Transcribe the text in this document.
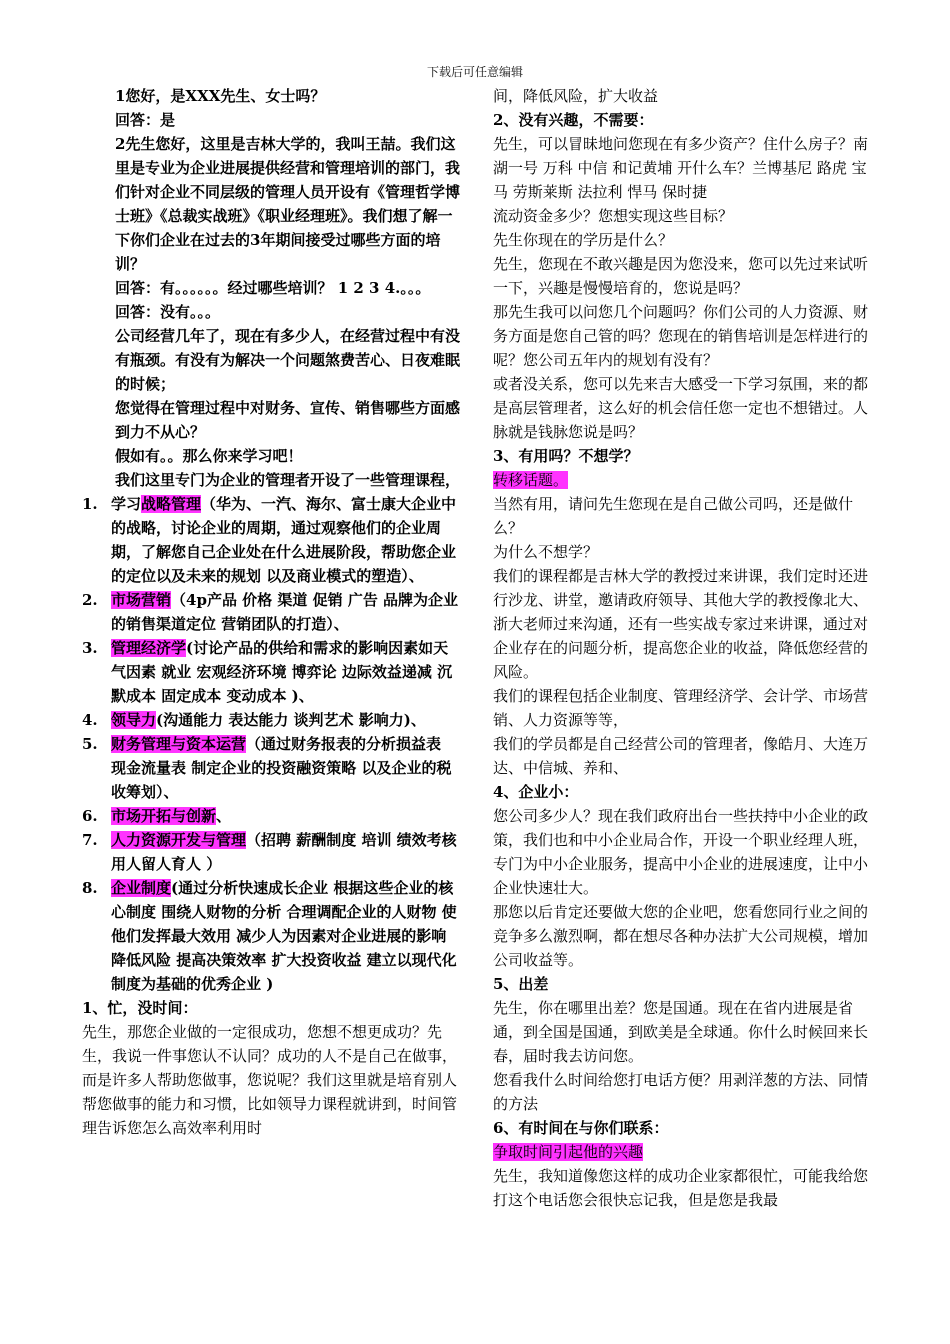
下载后可任意编辑

1您好，是XXX先生、女士吗？

回答：是

2先生您好，这里是吉林大学的，我叫王喆。我们这里是专业为企业进展提供经营和管理培训的部门，我们针对企业不同层级的管理人员开设有《管理哲学博士班》《总裁实战班》《职业经理班》。我们想了解一下你们企业在过去的3年期间接受过哪些方面的培训？

回答：有。。。。。。经过哪些培训？ 1 2 3 4.。。。

回答：没有。。。

公司经营几年了，现在有多少人，在经营过程中有没有瓶颈。有没有为解决一个问题煞费苦心、日夜难眠的时候；

您觉得在管理过程中对财务、宣传、销售哪些方面感到力不从心？

假如有。。那么你来学习吧！

我们这里专门为企业的管理者开设了一些管理课程，

1. 学习战略管理（华为、一汽、海尔、富士康大企业中的战略，讨论企业的周期，通过观察他们的企业周期，了解您自己企业处在什么进展阶段，帮助您企业的定位以及未来的规划 以及商业模式的塑造）、
2. 市场营销（4p产品 价格 渠道 促销 广告 品牌为企业的销售渠道定位 营销团队的打造）、
3. 管理经济学(讨论产品的供给和需求的影响因素如天气因素 就业 宏观经济环境 博弈论 边际效益递减 沉默成本 固定成本 变动成本 )、
4. 领导力(沟通能力 表达能力 谈判艺术 影响力)、
5. 财务管理与资本运营（通过财务报表的分析损益表 现金流量表 制定企业的投资融资策略 以及企业的税收筹划）、
6. 市场开拓与创新、
7. 人力资源开发与管理（招聘 薪酬制度 培训 绩效考核 用人留人育人 ）
8. 企业制度(通过分析快速成长企业 根据这些企业的核心制度 围绕人财物的分析 合理调配企业的人财物 使他们发挥最大效用 减少人为因素对企业进展的影响 降低风险 提高决策效率 扩大投资收益 建立以现代化制度为基础的优秀企业 )

1、忙，没时间：

先生，那您企业做的一定很成功，您想不想更成功？先生，我说一件事您认不认同？成功的人不是自己在做事，而是许多人帮助您做事，您说呢？我们这里就是培育别人帮您做事的能力和习惯，比如领导力课程就讲到，时间管理告诉您怎么高效率利用时

间，降低风险，扩大收益

2、没有兴趣，不需要：

先生，可以冒昧地问您现在有多少资产？住什么房子？南湖一号 万科 中信 和记黄埔 开什么车？兰博基尼 路虎 宝马 劳斯莱斯 法拉利 悍马 保时捷

流动资金多少？您想实现这些目标？

先生你现在的学历是什么？

先生，您现在不敢兴趣是因为您没来，您可以先过来试听一下，兴趣是慢慢培育的，您说是吗？

那先生我可以问您几个问题吗？你们公司的人力资源、财务方面是您自己管的吗？您现在的销售培训是怎样进行的呢？您公司五年内的规划有没有？

或者没关系，您可以先来吉大感受一下学习氛围，来的都是高层管理者，这么好的机会信任您一定也不想错过。人脉就是钱脉您说是吗？

3、有用吗？不想学？

转移话题。

当然有用，请问先生您现在是自己做公司吗，还是做什么？

为什么不想学？

我们的课程都是吉林大学的教授过来讲课，我们定时还进行沙龙、讲堂，邀请政府领导、其他大学的教授像北大、浙大老师过来沟通，还有一些实战专家过来讲课，通过对企业存在的问题分析，提高您企业的收益，降低您经营的风险。

我们的课程包括企业制度、管理经济学、会计学、市场营销、人力资源等等，

我们的学员都是自己经营公司的管理者，像皓月、大连万达、中信城、养和、

4、企业小：

您公司多少人？现在我们政府出台一些扶持中小企业的政策，我们也和中小企业局合作，开设一个职业经理人班，专门为中小企业服务，提高中小企业的进展速度，让中小企业快速壮大。

那您以后肯定还要做大您的企业吧，您看您同行业之间的竞争多么激烈啊，都在想尽各种办法扩大公司规模，增加公司收益等。

5、出差

先生，你在哪里出差？您是国通。现在在省内进展是省通，到全国是国通，到欧美是全球通。你什么时候回来长春，届时我去访问您。

您看我什么时间给您打电话方便？用剥洋葱的方法、同情的方法

6、有时间在与你们联系：

争取时间引起他的兴趣

先生，我知道像您这样的成功企业家都很忙，可能我给您打这个电话您会很快忘记我，但是您是我最
